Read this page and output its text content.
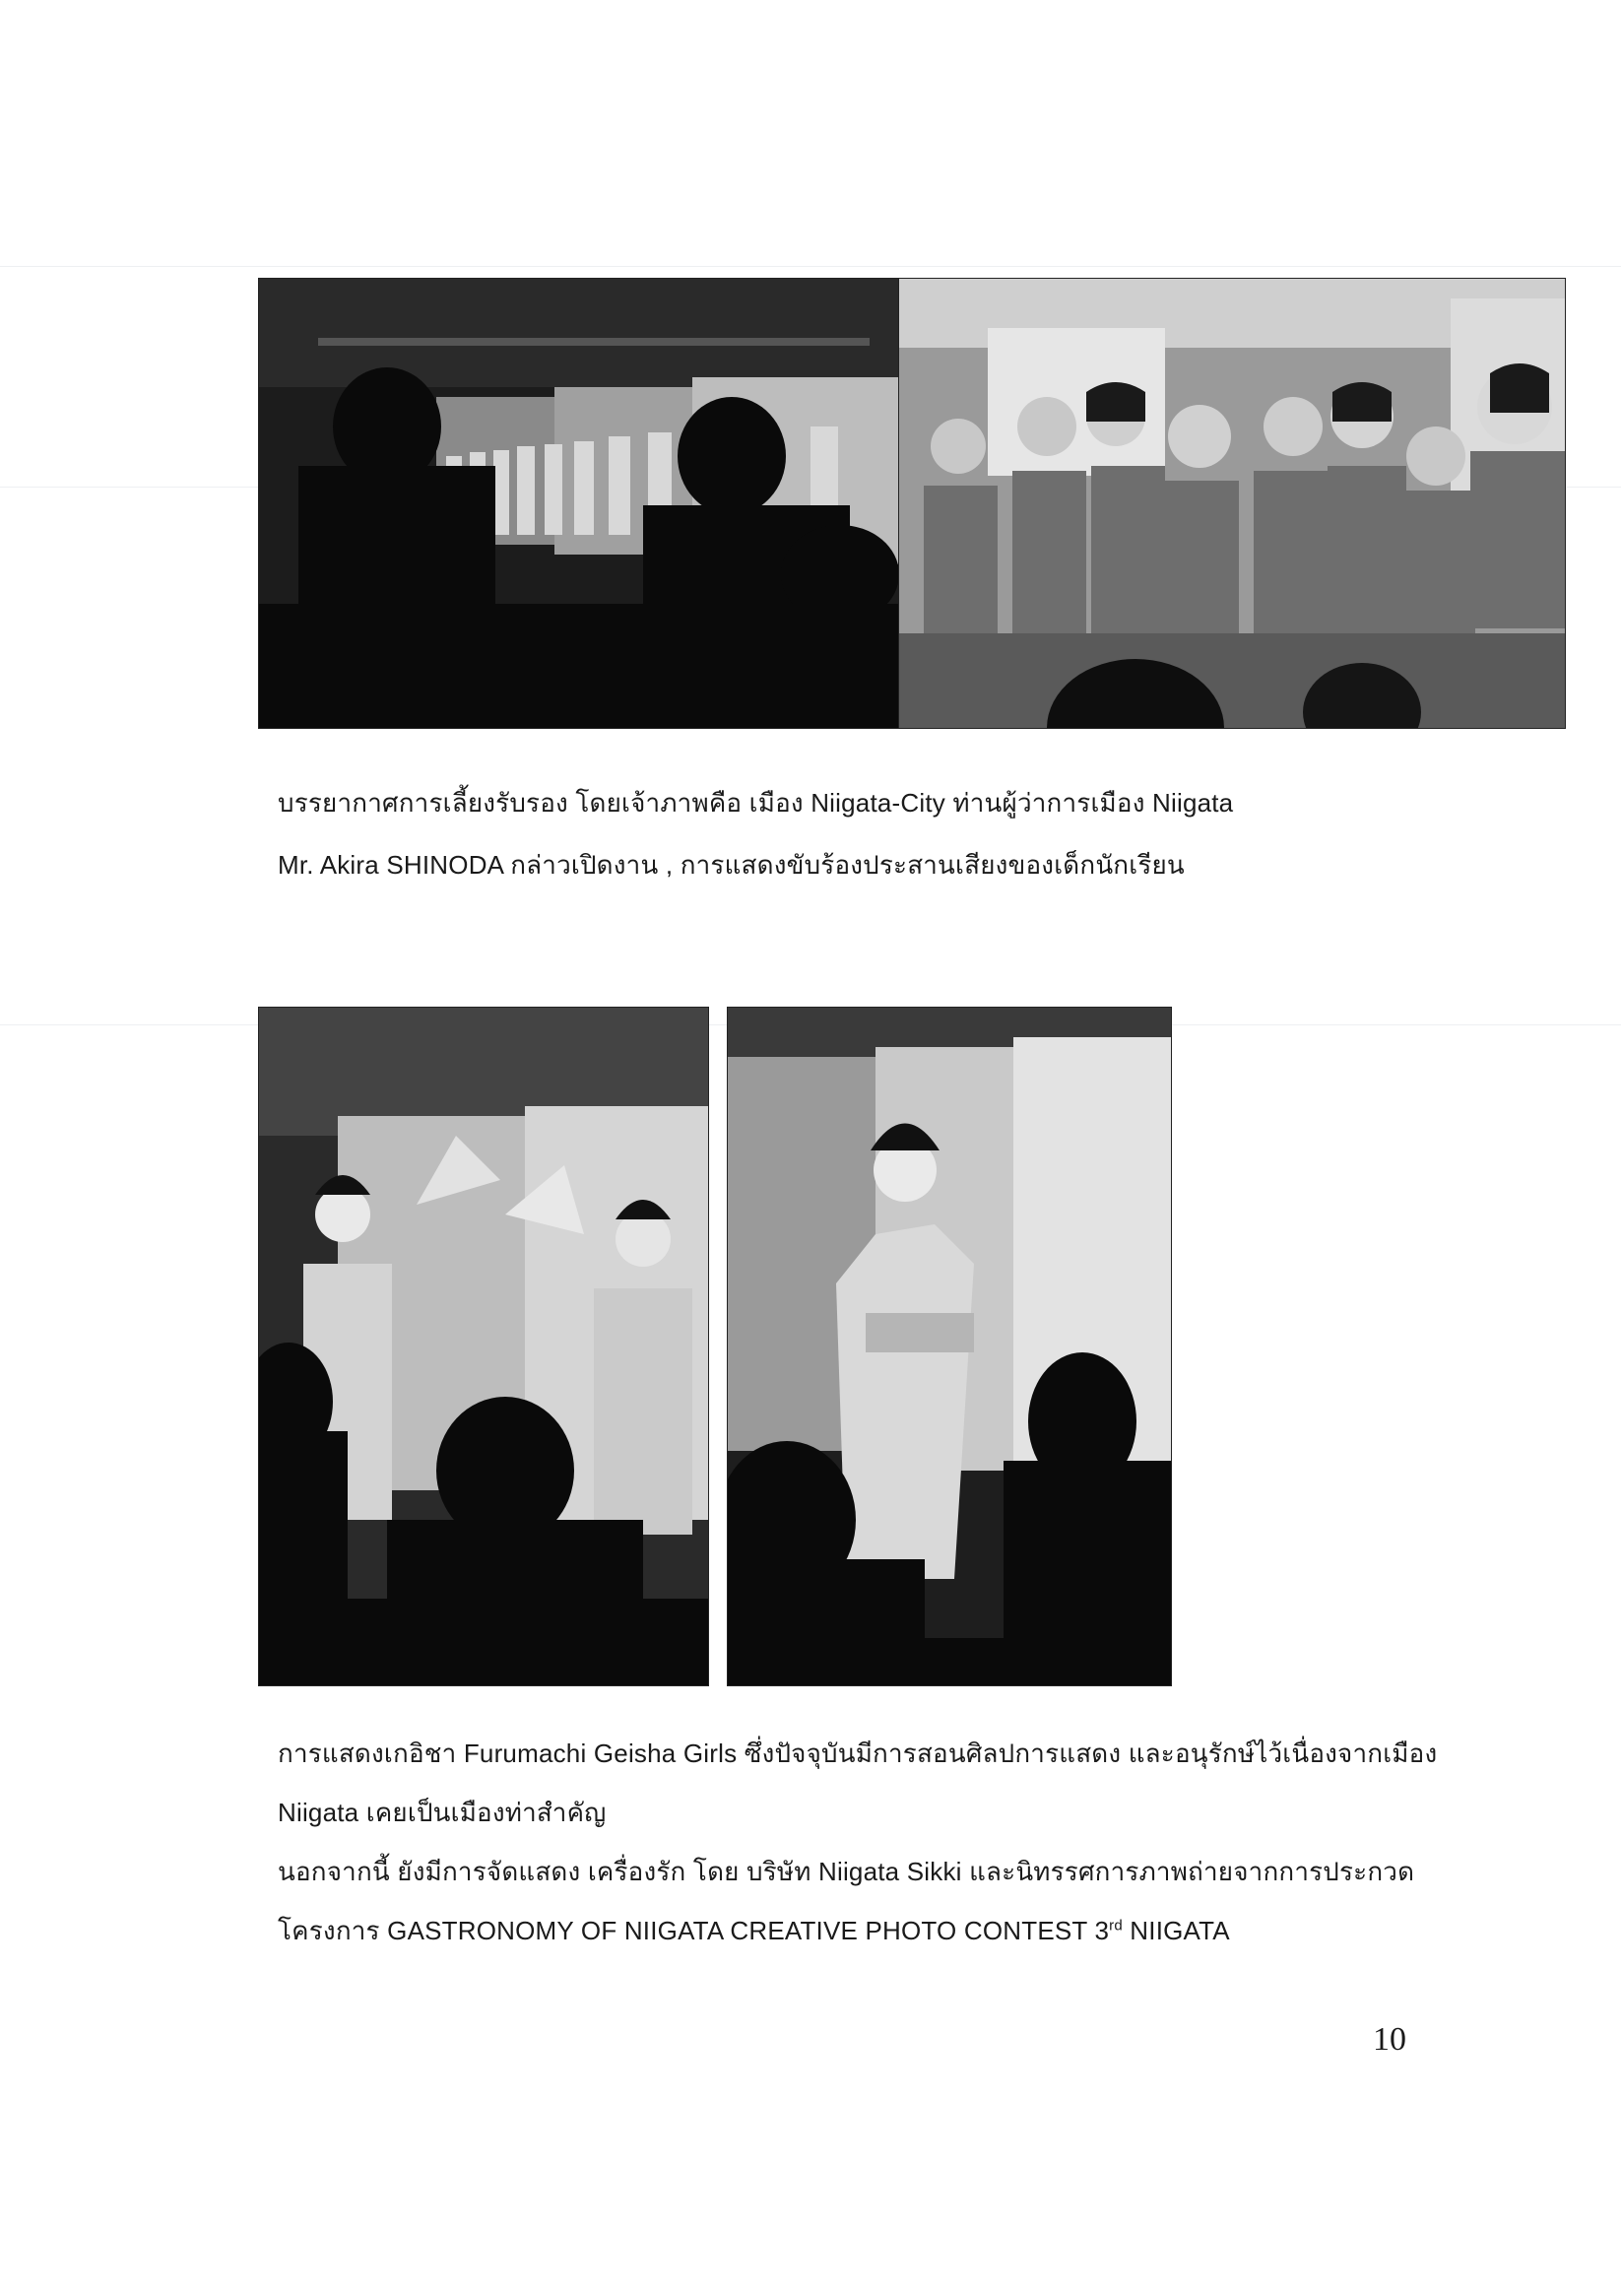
บรรยากาศการเลี้ยงรับรอง โดยเจ้าภาพคือ เมือง Niigata-City ท่านผู้ว่าการเมือง Niigata

Mr. Akira SHINODA กล่าวเปิดงาน , การแสดงขับร้องประสานเสียงของเด็กนักเรียน

การแสดงเกอิชา Furumachi Geisha Girls ซึ่งปัจจุบันมีการสอนศิลปการแสดง และอนุรักษ์ไว้เนื่องจากเมือง

Niigata เคยเป็นเมืองท่าสำคัญ

นอกจากนี้ ยังมีการจัดแสดง เครื่องรัก โดย บริษัท Niigata Sikki และนิทรรศการภาพถ่ายจากการประกวด

โครงการ GASTRONOMY OF NIIGATA CREATIVE PHOTO CONTEST 3rd NIIGATA

10
